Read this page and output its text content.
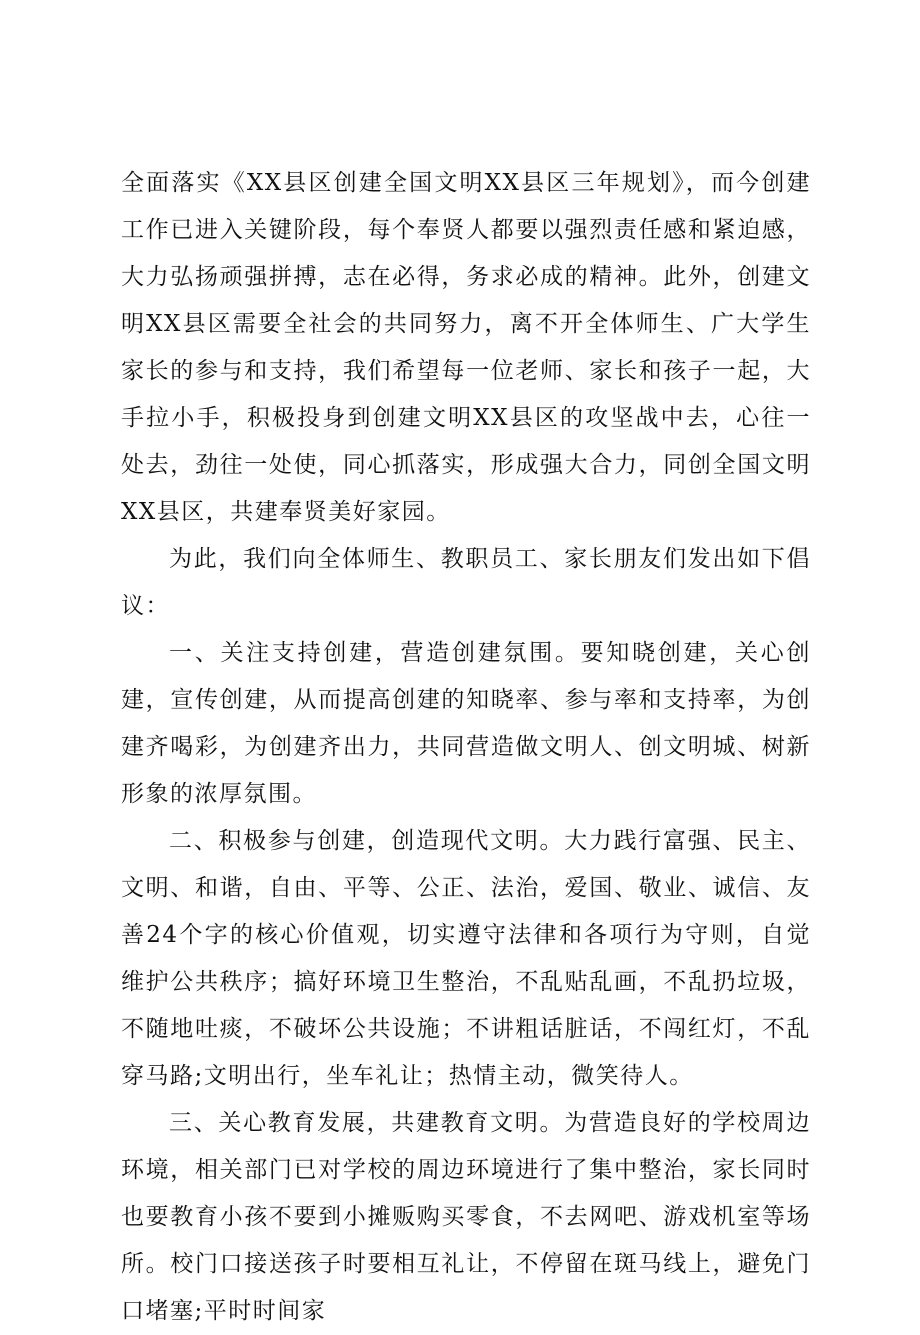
全面落实《XX县区创建全国文明XX县区三年规划》，而今创建工作已进入关键阶段，每个奉贤人都要以强烈责任感和紧迫感，大力弘扬顽强拼搏，志在必得，务求必成的精神。此外，创建文明XX县区需要全社会的共同努力，离不开全体师生、广大学生家长的参与和支持，我们希望每一位老师、家长和孩子一起，大手拉小手，积极投身到创建文明XX县区的攻坚战中去，心往一处去，劲往一处使，同心抓落实，形成强大合力，同创全国文明XX县区，共建奉贤美好家园。

为此，我们向全体师生、教职员工、家长朋友们发出如下倡议：

一、关注支持创建，营造创建氛围。要知晓创建，关心创建，宣传创建，从而提高创建的知晓率、参与率和支持率，为创建齐喝彩，为创建齐出力，共同营造做文明人、创文明城、树新形象的浓厚氛围。

二、积极参与创建，创造现代文明。大力践行富强、民主、文明、和谐，自由、平等、公正、法治，爱国、敬业、诚信、友善24个字的核心价值观，切实遵守法律和各项行为守则，自觉维护公共秩序；搞好环境卫生整治，不乱贴乱画，不乱扔垃圾，不随地吐痰，不破坏公共设施；不讲粗话脏话，不闯红灯，不乱穿马路;文明出行，坐车礼让；热情主动，微笑待人。

三、关心教育发展，共建教育文明。为营造良好的学校周边环境，相关部门已对学校的周边环境进行了集中整治，家长同时也要教育小孩不要到小摊贩购买零食，不去网吧、游戏机室等场所。校门口接送孩子时要相互礼让，不停留在斑马线上，避免门口堵塞;平时时间家
